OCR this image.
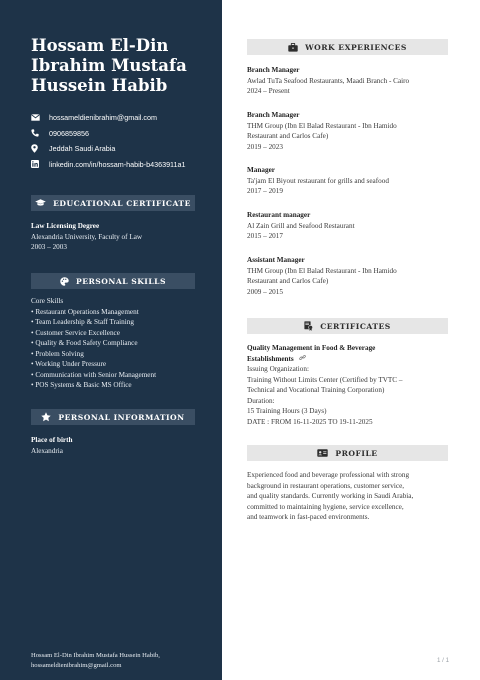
Hossam El-Din
Ibrahim Mustafa
Hussein Habib
hossameldienibrahim@gmail.com
0906859856
Jeddah Saudi Arabia
linkedin.com/in/hossam-habib-b4363911a1
EDUCATIONAL CERTIFICATE
Law Licensing Degree
Alexandria University, Faculty of Law
2003 – 2003
PERSONAL SKILLS
Core Skills
• Restaurant Operations Management
• Team Leadership & Staff Training
• Customer Service Excellence
• Quality & Food Safety Compliance
• Problem Solving
• Working Under Pressure
• Communication with Senior Management
• POS Systems & Basic MS Office
PERSONAL INFORMATION
Place of birth
Alexandria
Hossam El-Din Ibrahim Mustafa Hussein Habib,
hossameldienibrahim@gmail.com
WORK EXPERIENCES
Branch Manager
Awlad TuTa Seafood Restaurants, Maadi Branch - Cairo
2024 – Present
Branch Manager
THM Group (Ibn El Balad Restaurant - Ibn Hamido
Restaurant and Carlos Cafe)
2019 – 2023
Manager
Ta'jam El Biyout restaurant for grills and seafood
2017 – 2019
Restaurant manager
Al Zain Grill and Seafood Restaurant
2015 – 2017
Assistant Manager
THM Group (Ibn El Balad Restaurant - Ibn Hamido
Restaurant and Carlos Cafe)
2009 – 2015
CERTIFICATES
Quality Management in Food & Beverage
Establishments
Issuing Organization:
Training Without Limits Center (Certified by TVTC –
Technical and Vocational Training Corporation)
Duration:
15 Training Hours (3 Days)
DATE : FROM 16-11-2025 TO 19-11-2025
PROFILE
Experienced food and beverage professional with strong
background in restaurant operations, customer service,
and quality standards. Currently working in Saudi Arabia,
committed to maintaining hygiene, service excellence,
and teamwork in fast-paced environments.
1 / 1
